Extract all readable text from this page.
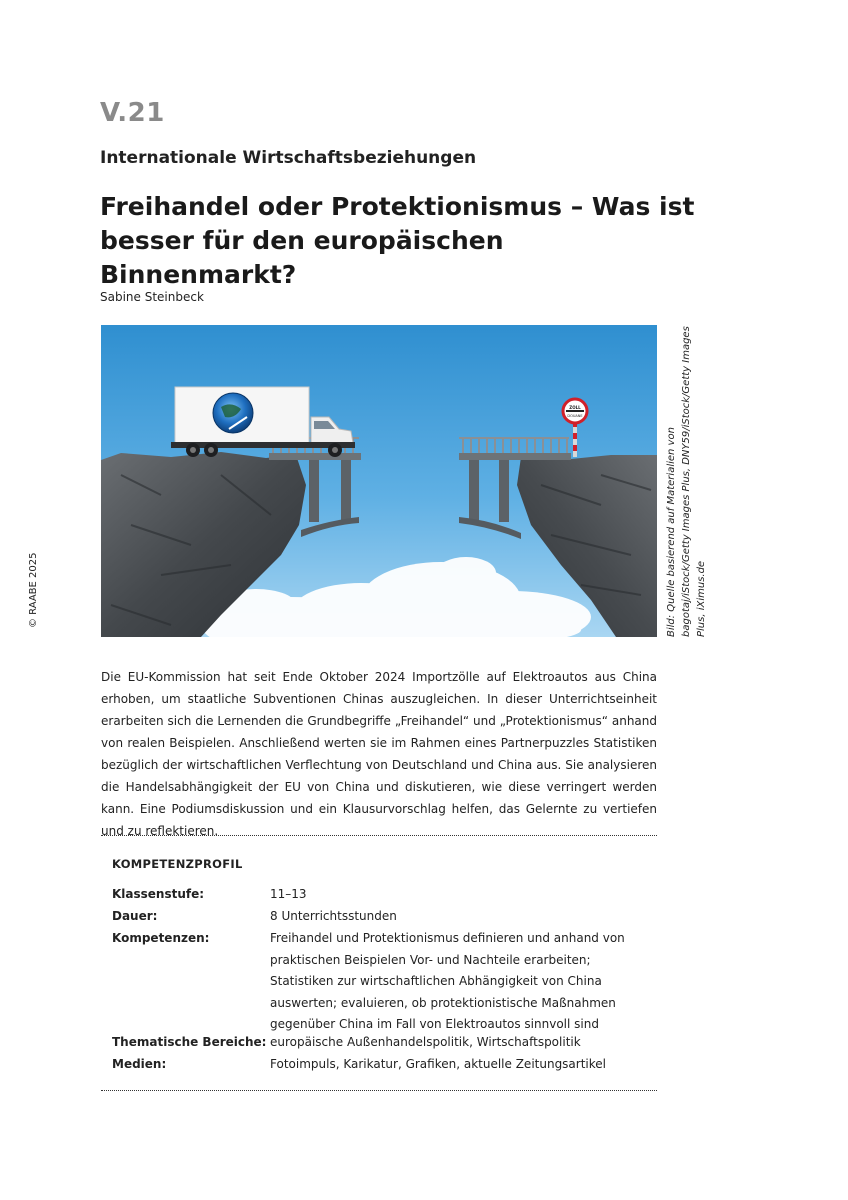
V.21
Internationale Wirtschaftsbeziehungen
Freihandel oder Protektionismus – Was ist besser für den europäischen Binnenmarkt?
Sabine Steinbeck
© RAABE 2025
ZOLL
DOUANE
Bild: Quelle basierend auf Materialien von bagotaj/iStock/Getty Images Plus, DNY59/iStock/Getty Images Plus, iXimus.de

Die EU-Kommission hat seit Ende Oktober 2024 Importzölle auf Elektroautos aus China erhoben, um staatliche Subventionen Chinas auszugleichen. In dieser Unterrichtseinheit erarbeiten sich die Lernenden die Grundbegriffe „Freihandel“ und „Protektionismus“ anhand von realen Beispielen. Anschließend werten sie im Rahmen eines Partnerpuzzles Statistiken bezüglich der wirtschaftlichen Verflechtung von Deutschland und China aus. Sie analysieren die Handelsabhängigkeit der EU von China und diskutieren, wie diese verringert werden kann. Eine Podiumsdiskussion und ein Klausurvorschlag helfen, das Gelernte zu vertiefen und zu reflektieren.

KOMPETENZPROFIL
Klassenstufe:	11–13
Dauer:	8 Unterrichtsstunden
Kompetenzen:	Freihandel und Protektionismus definieren und anhand von praktischen Beispielen Vor- und Nachteile erarbeiten; Statistiken zur wirtschaftlichen Abhängigkeit von China auswerten; evaluieren, ob protektionistische Maßnahmen gegenüber China im Fall von Elektroautos sinnvoll sind
Thematische Bereiche: europäische Außenhandelspolitik, Wirtschaftspolitik
Medien:	Fotoimpuls, Karikatur, Grafiken, aktuelle Zeitungsartikel
